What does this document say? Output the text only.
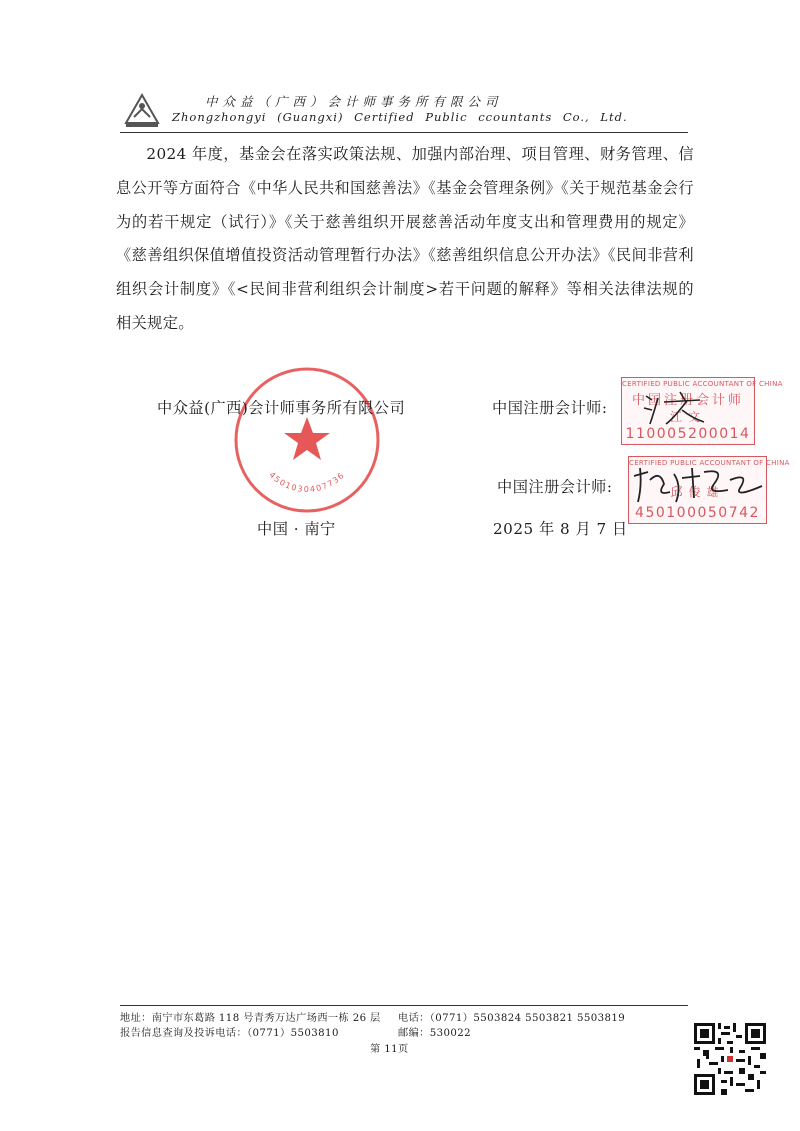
中众益（广西）会计师事务所有限公司
Zhongzhongyi (Guangxi) Certified Public ccountants Co., Ltd.

2024 年度，基金会在落实政策法规、加强内部治理、项目管理、财务管理、信息公开等方面符合《中华人民共和国慈善法》《基金会管理条例》《关于规范基金会行为的若干规定（试行）》《关于慈善组织开展慈善活动年度支出和管理费用的规定》《慈善组织保值增值投资活动管理暂行办法》《慈善组织信息公开办法》《民间非营利组织会计制度》《<民间非营利组织会计制度>若干问题的解释》等相关法律法规的相关规定。

4501030407736
中众益(广西)会计师事务所有限公司
中国 · 南宁
中国注册会计师:
中国注册会计师:
2025 年 8 月 7 日
CERTIFIED PUBLIC ACCOUNTANT OF CHINA
中国注册会计师
江文
110005200014
CERTIFIED PUBLIC ACCOUNTANT OF CHINA
邱俊雄
450100050742
地址：南宁市东葛路 118 号青秀万达广场西一栋 26 层 电话：（0771）5503824 5503821 5503819
报告信息查询及投诉电话：（0771）5503810	邮编：530022
第 11页
